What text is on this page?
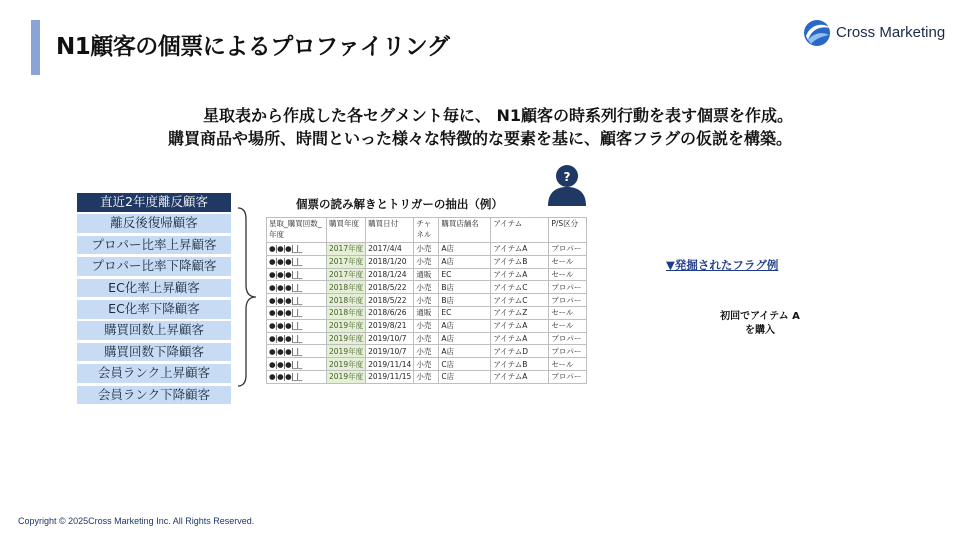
N1顧客の個票によるプロファイリング
Cross Marketing
星取表から作成した各セグメント毎に、 N1顧客の時系列行動を表す個票を作成。
購買商品や場所、時間といった様々な特徴的な要素を基に、顧客フラグの仮説を構築。
直近2年度離反顧客
離反後復帰顧客
プロパー比率上昇顧客
プロパー比率下降顧客
EC化率上昇顧客
EC化率下降顧客
購買回数上昇顧客
購買回数下降顧客
会員ランク上昇顧客
会員ランク下降顧客
個票の読み解きとトリガーの抽出（例）
?
星取_購買回数_年度	購買年度	購買日付	チャネル	購買店舗名	アイテム	P/S区分
●|●|●|_|_	2017年度	2017/4/4	小売	A店	アイテムA	プロパー
●|●|●|_|_	2017年度	2018/1/20	小売	A店	アイテムB	セール
●|●|●|_|_	2017年度	2018/1/24	通販	EC	アイテムA	セール
●|●|●|_|_	2018年度	2018/5/22	小売	B店	アイテムC	プロパー
●|●|●|_|_	2018年度	2018/5/22	小売	B店	アイテムC	プロパー
●|●|●|_|_	2018年度	2018/6/26	通販	EC	アイテムZ	セール
●|●|●|_|_	2019年度	2019/8/21	小売	A店	アイテムA	セール
●|●|●|_|_	2019年度	2019/10/7	小売	A店	アイテムA	プロパー
●|●|●|_|_	2019年度	2019/10/7	小売	A店	アイテムD	プロパー
●|●|●|_|_	2019年度	2019/11/14	小売	C店	アイテムB	セール
●|●|●|_|_	2019年度	2019/11/15	小売	C店	アイテムA	プロパー
▼発掘されたフラグ例
初回でアイテム A
を購入
Copyright © 2025Cross Marketing Inc. All Rights Reserved.
